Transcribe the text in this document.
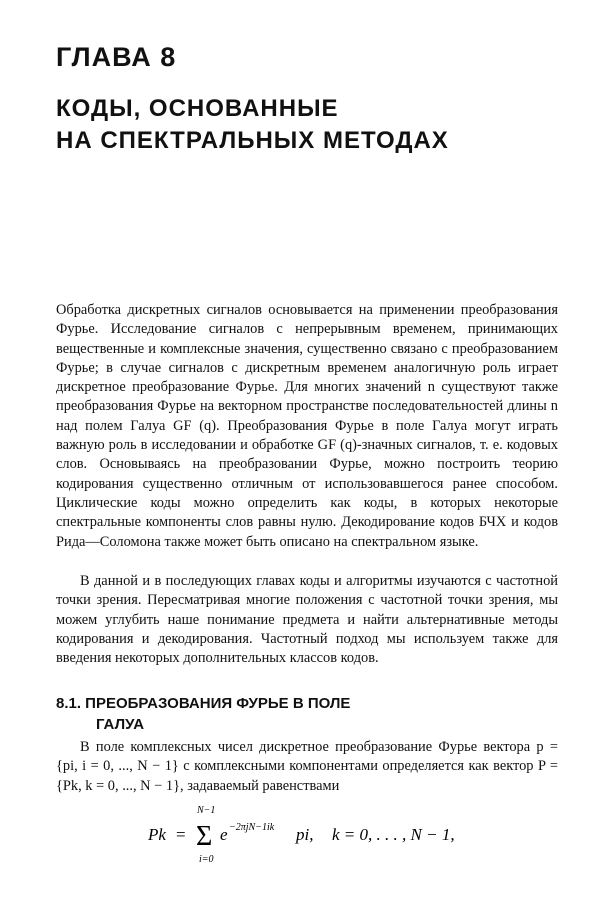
ГЛАВА 8
КОДЫ, ОСНОВАННЫЕ
НА СПЕКТРАЛЬНЫХ МЕТОДАХ

Обработка дискретных сигналов основывается на применении преобразования Фурье. Исследование сигналов с непрерывным временем, принимающих вещественные и комплексные значения, существенно связано с преобразованием Фурье; в случае сигналов с дискретным временем аналогичную роль играет дискретное преобразование Фурье. Для многих значений n существуют также преобразования Фурье на векторном пространстве последовательностей длины n над полем Галуа GF (q). Преобразования Фурье в поле Галуа могут играть важную роль в исследовании и обработке GF (q)-значных сигналов, т. е. кодовых слов. Основываясь на преобразовании Фурье, можно построить теорию кодирования существенно отличным от использовавшегося ранее способом. Циклические коды можно определить как коды, в которых некоторые спектральные компоненты слов равны нулю. Декодирование кодов БЧХ и кодов Рида—Соломона также может быть описано на спектральном языке.

В данной и в последующих главах коды и алгоритмы изучаются с частотной точки зрения. Пересматривая многие положения с частотной точки зрения, мы можем углубить наше понимание предмета и найти альтернативные методы кодирования и декодирования. Частотный подход мы используем также для введения некоторых дополнительных классов кодов.

8.1. ПРЕОБРАЗОВАНИЯ ФУРЬЕ В ПОЛЕ
ГАЛУА

В поле комплексных чисел дискретное преобразование Фурье вектора p = {pi, i = 0, ..., N − 1} с комплексными компонентами определяется как вектор P = {Pk, k = 0, ..., N − 1}, задаваемый равенствами

Pk =
N−1
Σ
i=0
e −2πjN−1ik pi, k = 0, . . . , N − 1,
